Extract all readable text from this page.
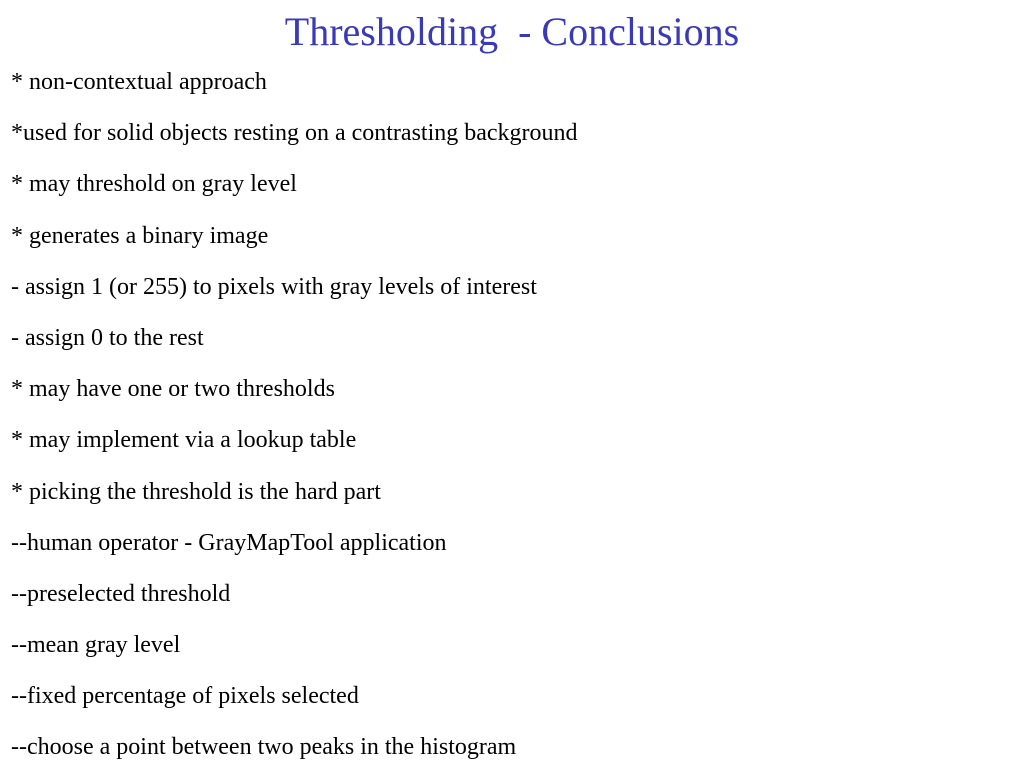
Thresholding  - Conclusions
* non-contextual approach
*used for solid objects resting on a contrasting background
* may threshold on gray level
* generates a binary image
- assign 1 (or 255) to pixels with gray levels of interest
- assign 0 to the rest
* may have one or two thresholds
* may implement via a lookup table
* picking the threshold is the hard part
--human operator - GrayMapTool application
--preselected threshold
--mean gray level
--fixed percentage of pixels selected
--choose a point between two peaks in the histogram
